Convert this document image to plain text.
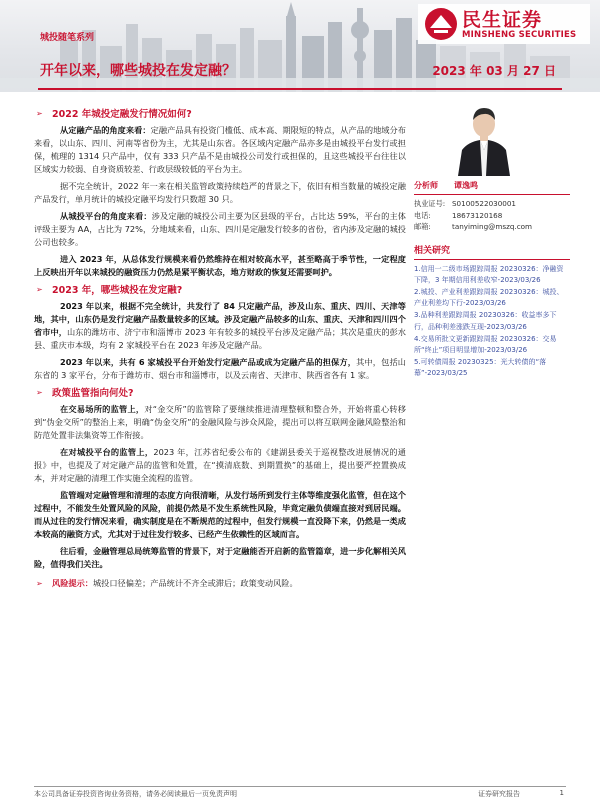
民生证券
MINSHENG SECURITIES
城投随笔系列
开年以来，哪些城投在发定融？	2023 年 03 月 27 日
➢ 2022 年城投定融发行情况如何?

从定融产品的角度来看：定融产品具有投资门槛低、成本高、期限短的特点，从产品的地域分布来看，以山东、四川、河南等省份为主，尤其是山东省。各区域内定融产品亦多是由城投平台发行或担保，梳理的 1314 只产品中，仅有 333 只产品不是由城投公司发行或担保的，且这些城投平台往往以区域实力较弱、自身资质较差、行政层级较低的平台为主。

据不完全统计，2022 年一来在相关监管政策持续趋严的背景之下，依旧有相当数量的城投定融产品发行，单月统计的城投定融平均发行只数超 30 只。

从城投平台的角度来看：涉及定融的城投公司主要为区县级的平台，占比达 59%，平台的主体评级主要为 AA，占比为 72%，分地域来看，山东、四川是定融发行较多的省份，省内涉及定融的城投公司也较多。

进入 2023 年，从总体发行规模来看仍然维持在相对较高水平，甚至略高于季节性，一定程度上反映出开年以来城投的融资压力仍然是紧平衡状态，地方财政的恢复还需要呵护。

➢ 2023 年，哪些城投在发定融?

2023 年以来，根据不完全统计，共发行了 84 只定融产品，涉及山东、重庆、四川、天津等地，其中，山东仍是发行定融产品数量较多的区域。涉及定融产品较多的山东、重庆、天津和四川四个省市中，山东的潍坊市、济宁市和淄博市 2023 年有较多的城投平台涉及定融产品；其次是重庆的彭水县、重庆市本级，均有 2 家城投平台在 2023 年涉及定融产品。

2023 年以来，共有 6 家城投平台开始发行定融产品或成为定融产品的担保方，其中，包括山东省的 3 家平台，分布于潍坊市、烟台市和淄博市，以及云南省、天津市、陕西省各有 1 家。

➢ 政策监管指向何处?

在交易场所的监管上，对“金交所”的监管除了要继续推进清理整顿和整合外，开始将重心转移到“伪金交所”的整治上来，明确“伪金交所”的金融风险与涉众风险，提出可以将互联网金融风险整治和防范处置非法集资等工作衔接。

在对城投平台的监管上，2023 年，江苏省纪委公布的《建湖县委关于巡视整改进展情况的通报》中，也提及了对定融产品的监管和处置，在“摸清底数、到期置换”的基础上，提出要严控置换成本，并对定融的清理工作实施全流程的监管。

监管端对定融管理和清理的态度方向很清晰，从发行场所到发行主体等维度强化监管，但在这个过程中，不能发生处置风险的风险，前提仍然是不发生系统性风险，毕竟定融负债端直接对到居民端。而从过往的发行情况来看，确实制度是在不断规范的过程中，但发行规模一直没降下来，仍然是一类成本较高的融资方式，尤其对于过往发行较多、已经产生依赖性的区域而言。

往后看，金融管理总局统筹监管的背景下，对于定融能否开启新的监管篇章，进一步化解相关风险，值得我们关注。

➢	风险提示：城投口径偏差；产品统计不齐全或滞后；政策变动风险。
分析师 谭逸鸣
执业证号: S0100522030001
电话:	18673120168
邮箱:	tanyiming@mszq.com
相关研究
1.信用一二级市场跟踪周报 20230326：净融资下降，3 年期信用利差收窄-2023/03/26
2.城投、产业利差跟踪周报 20230326：城投、产业利差均下行-2023/03/26
3.品种利差跟踪周报 20230326：收益率多下行，品种利差涨跌互现-2023/03/26
4.交易所批文更新跟踪周报 20230326：交易所“终止”项目明显增加-2023/03/26
5.可转债周报 20230325：光大转债的“落幕”-2023/03/25
本公司具备证券投资咨询业务资格，请务必阅读最后一页免责声明	证券研究报告	1
